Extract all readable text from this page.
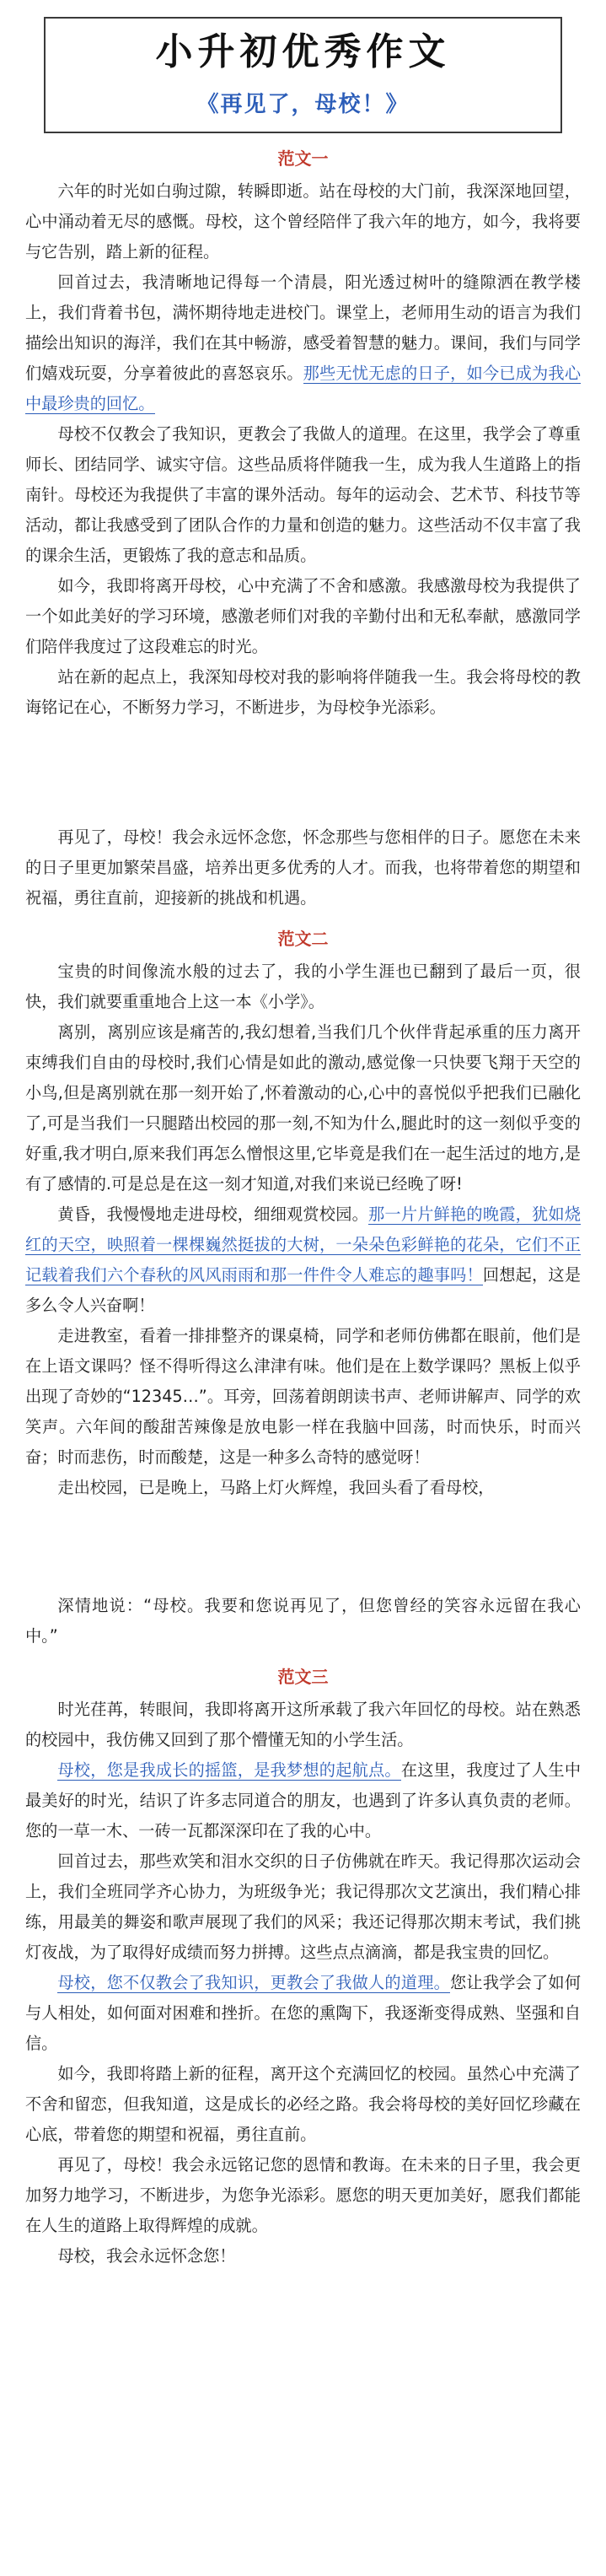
小升初优秀作文
《再见了，母校！》
范文一

六年的时光如白驹过隙，转瞬即逝。站在母校的大门前，我深深地回望，心中涌动着无尽的感慨。母校，这个曾经陪伴了我六年的地方，如今，我将要与它告别，踏上新的征程。

回首过去，我清晰地记得每一个清晨，阳光透过树叶的缝隙洒在教学楼上，我们背着书包，满怀期待地走进校门。课堂上，老师用生动的语言为我们描绘出知识的海洋，我们在其中畅游，感受着智慧的魅力。课间，我们与同学们嬉戏玩耍，分享着彼此的喜怒哀乐。那些无忧无虑的日子，如今已成为我心中最珍贵的回忆。

母校不仅教会了我知识，更教会了我做人的道理。在这里，我学会了尊重师长、团结同学、诚实守信。这些品质将伴随我一生，成为我人生道路上的指南针。母校还为我提供了丰富的课外活动。每年的运动会、艺术节、科技节等活动，都让我感受到了团队合作的力量和创造的魅力。这些活动不仅丰富了我的课余生活，更锻炼了我的意志和品质。

如今，我即将离开母校，心中充满了不舍和感激。我感激母校为我提供了一个如此美好的学习环境，感激老师们对我的辛勤付出和无私奉献，感激同学们陪伴我度过了这段难忘的时光。

站在新的起点上，我深知母校对我的影响将伴随我一生。我会将母校的教诲铭记在心，不断努力学习，不断进步，为母校争光添彩。

再见了，母校！我会永远怀念您，怀念那些与您相伴的日子。愿您在未来的日子里更加繁荣昌盛，培养出更多优秀的人才。而我，也将带着您的期望和祝福，勇往直前，迎接新的挑战和机遇。

范文二

宝贵的时间像流水般的过去了，我的小学生涯也已翻到了最后一页，很快，我们就要重重地合上这一本《小学》。

离别，离别应该是痛苦的,我幻想着,当我们几个伙伴背起承重的压力离开束缚我们自由的母校时,我们心情是如此的激动,感觉像一只快要飞翔于天空的小鸟,但是离别就在那一刻开始了,怀着激动的心,心中的喜悦似乎把我们已融化了,可是当我们一只腿踏出校园的那一刻,不知为什么,腿此时的这一刻似乎变的好重,我才明白,原来我们再怎么憎恨这里,它毕竟是我们在一起生活过的地方,是有了感情的.可是总是在这一刻才知道,对我们来说已经晚了呀!

黄昏，我慢慢地走进母校，细细观赏校园。那一片片鲜艳的晚霞，犹如烧红的天空，映照着一棵棵巍然挺拔的大树，一朵朵色彩鲜艳的花朵，它们不正记载着我们六个春秋的风风雨雨和那一件件令人难忘的趣事吗！回想起，这是多么令人兴奋啊！

走进教室，看着一排排整齐的课桌椅，同学和老师仿佛都在眼前，他们是在上语文课吗？怪不得听得这么津津有味。他们是在上数学课吗？黑板上似乎出现了奇妙的“12345…”。耳旁，回荡着朗朗读书声、老师讲解声、同学的欢笑声。六年间的酸甜苦辣像是放电影一样在我脑中回荡，时而快乐，时而兴奋；时而悲伤，时而酸楚，这是一种多么奇特的感觉呀！

走出校园，已是晚上，马路上灯火辉煌，我回头看了看母校，

深情地说：“母校。我要和您说再见了，但您曾经的笑容永远留在我心中。”

范文三

时光荏苒，转眼间，我即将离开这所承载了我六年回忆的母校。站在熟悉的校园中，我仿佛又回到了那个懵懂无知的小学生活。

母校，您是我成长的摇篮，是我梦想的起航点。在这里，我度过了人生中最美好的时光，结识了许多志同道合的朋友，也遇到了许多认真负责的老师。您的一草一木、一砖一瓦都深深印在了我的心中。

回首过去，那些欢笑和泪水交织的日子仿佛就在昨天。我记得那次运动会上，我们全班同学齐心协力，为班级争光；我记得那次文艺演出，我们精心排练，用最美的舞姿和歌声展现了我们的风采；我还记得那次期末考试，我们挑灯夜战，为了取得好成绩而努力拼搏。这些点点滴滴，都是我宝贵的回忆。

母校，您不仅教会了我知识，更教会了我做人的道理。您让我学会了如何与人相处，如何面对困难和挫折。在您的熏陶下，我逐渐变得成熟、坚强和自信。

如今，我即将踏上新的征程，离开这个充满回忆的校园。虽然心中充满了不舍和留恋，但我知道，这是成长的必经之路。我会将母校的美好回忆珍藏在心底，带着您的期望和祝福，勇往直前。

再见了，母校！我会永远铭记您的恩情和教诲。在未来的日子里，我会更加努力地学习，不断进步，为您争光添彩。愿您的明天更加美好，愿我们都能在人生的道路上取得辉煌的成就。

母校，我会永远怀念您！
